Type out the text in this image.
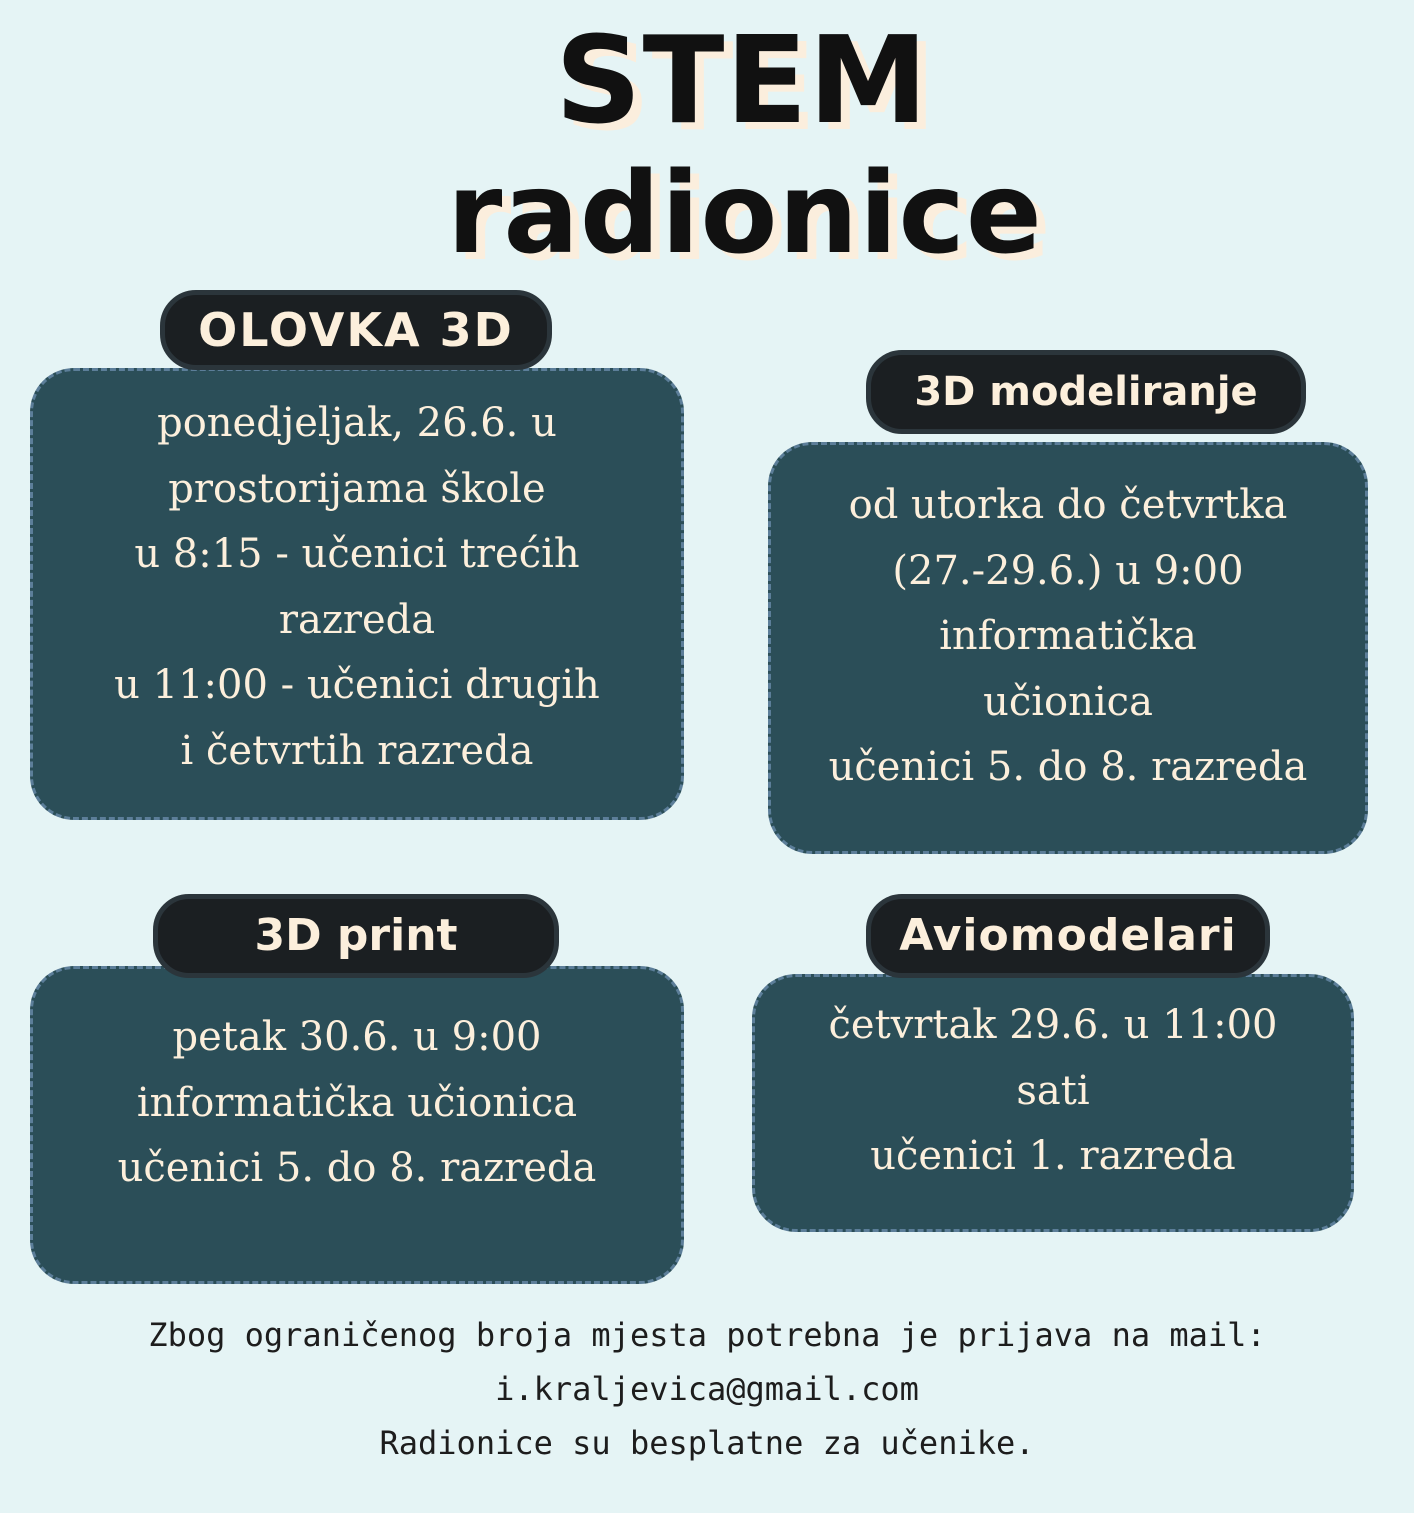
STEM
radionice
ponedjeljak, 26.6. u
prostorijama škole
u 8:15 - učenici trećih
razreda
u 11:00 - učenici drugih
i četvrtih razreda
OLOVKA 3D
od utorka do četvrtka
(27.-29.6.) u 9:00
informatička
učionica
učenici 5. do 8. razreda
3D modeliranje
petak 30.6. u 9:00
informatička učionica
učenici 5. do 8. razreda
3D print
četvrtak 29.6. u 11:00
sati
učenici 1. razreda
Aviomodelari
Zbog ograničenog broja mjesta potrebna je prijava na mail:
i.kraljevica@gmail.com
Radionice su besplatne za učenike.
